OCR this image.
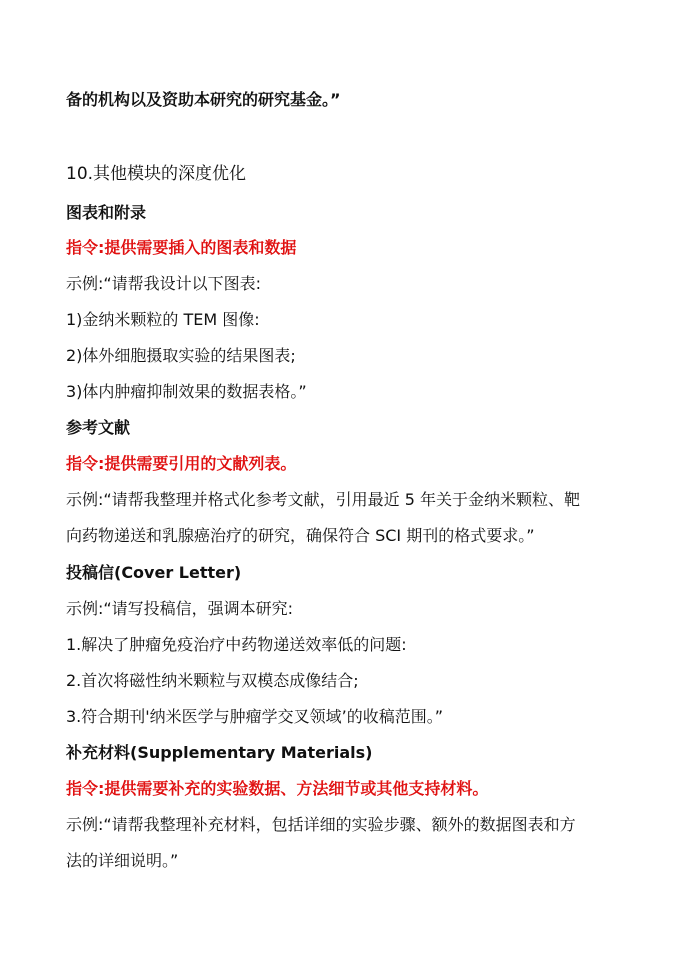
备的机构以及资助本研究的研究基金。”
10.其他模块的深度优化
图表和附录
指令:提供需要插入的图表和数据
示例:“请帮我设计以下图表:
1)金纳米颗粒的 TEM 图像:
2)体外细胞摄取实验的结果图表;
3)体内肿瘤抑制效果的数据表格。”
参考文献
指令:提供需要引用的文献列表。
示例:“请帮我整理并格式化参考文献，引用最近 5 年关于金纳米颗粒、靶
向药物递送和乳腺癌治疗的研究，确保符合 SCI 期刊的格式要求。”
投稿信(Cover Letter)
示例:“请写投稿信，强调本研究:
1.解决了肿瘤免疫治疗中药物递送效率低的问题:
2.首次将磁性纳米颗粒与双模态成像结合;
3.符合期刊'纳米医学与肿瘤学交叉领域’的收稿范围。”
补充材料(Supplementary Materials)
指令:提供需要补充的实验数据、方法细节或其他支持材料。
示例:“请帮我整理补充材料，包括详细的实验步骤、额外的数据图表和方
法的详细说明。”
